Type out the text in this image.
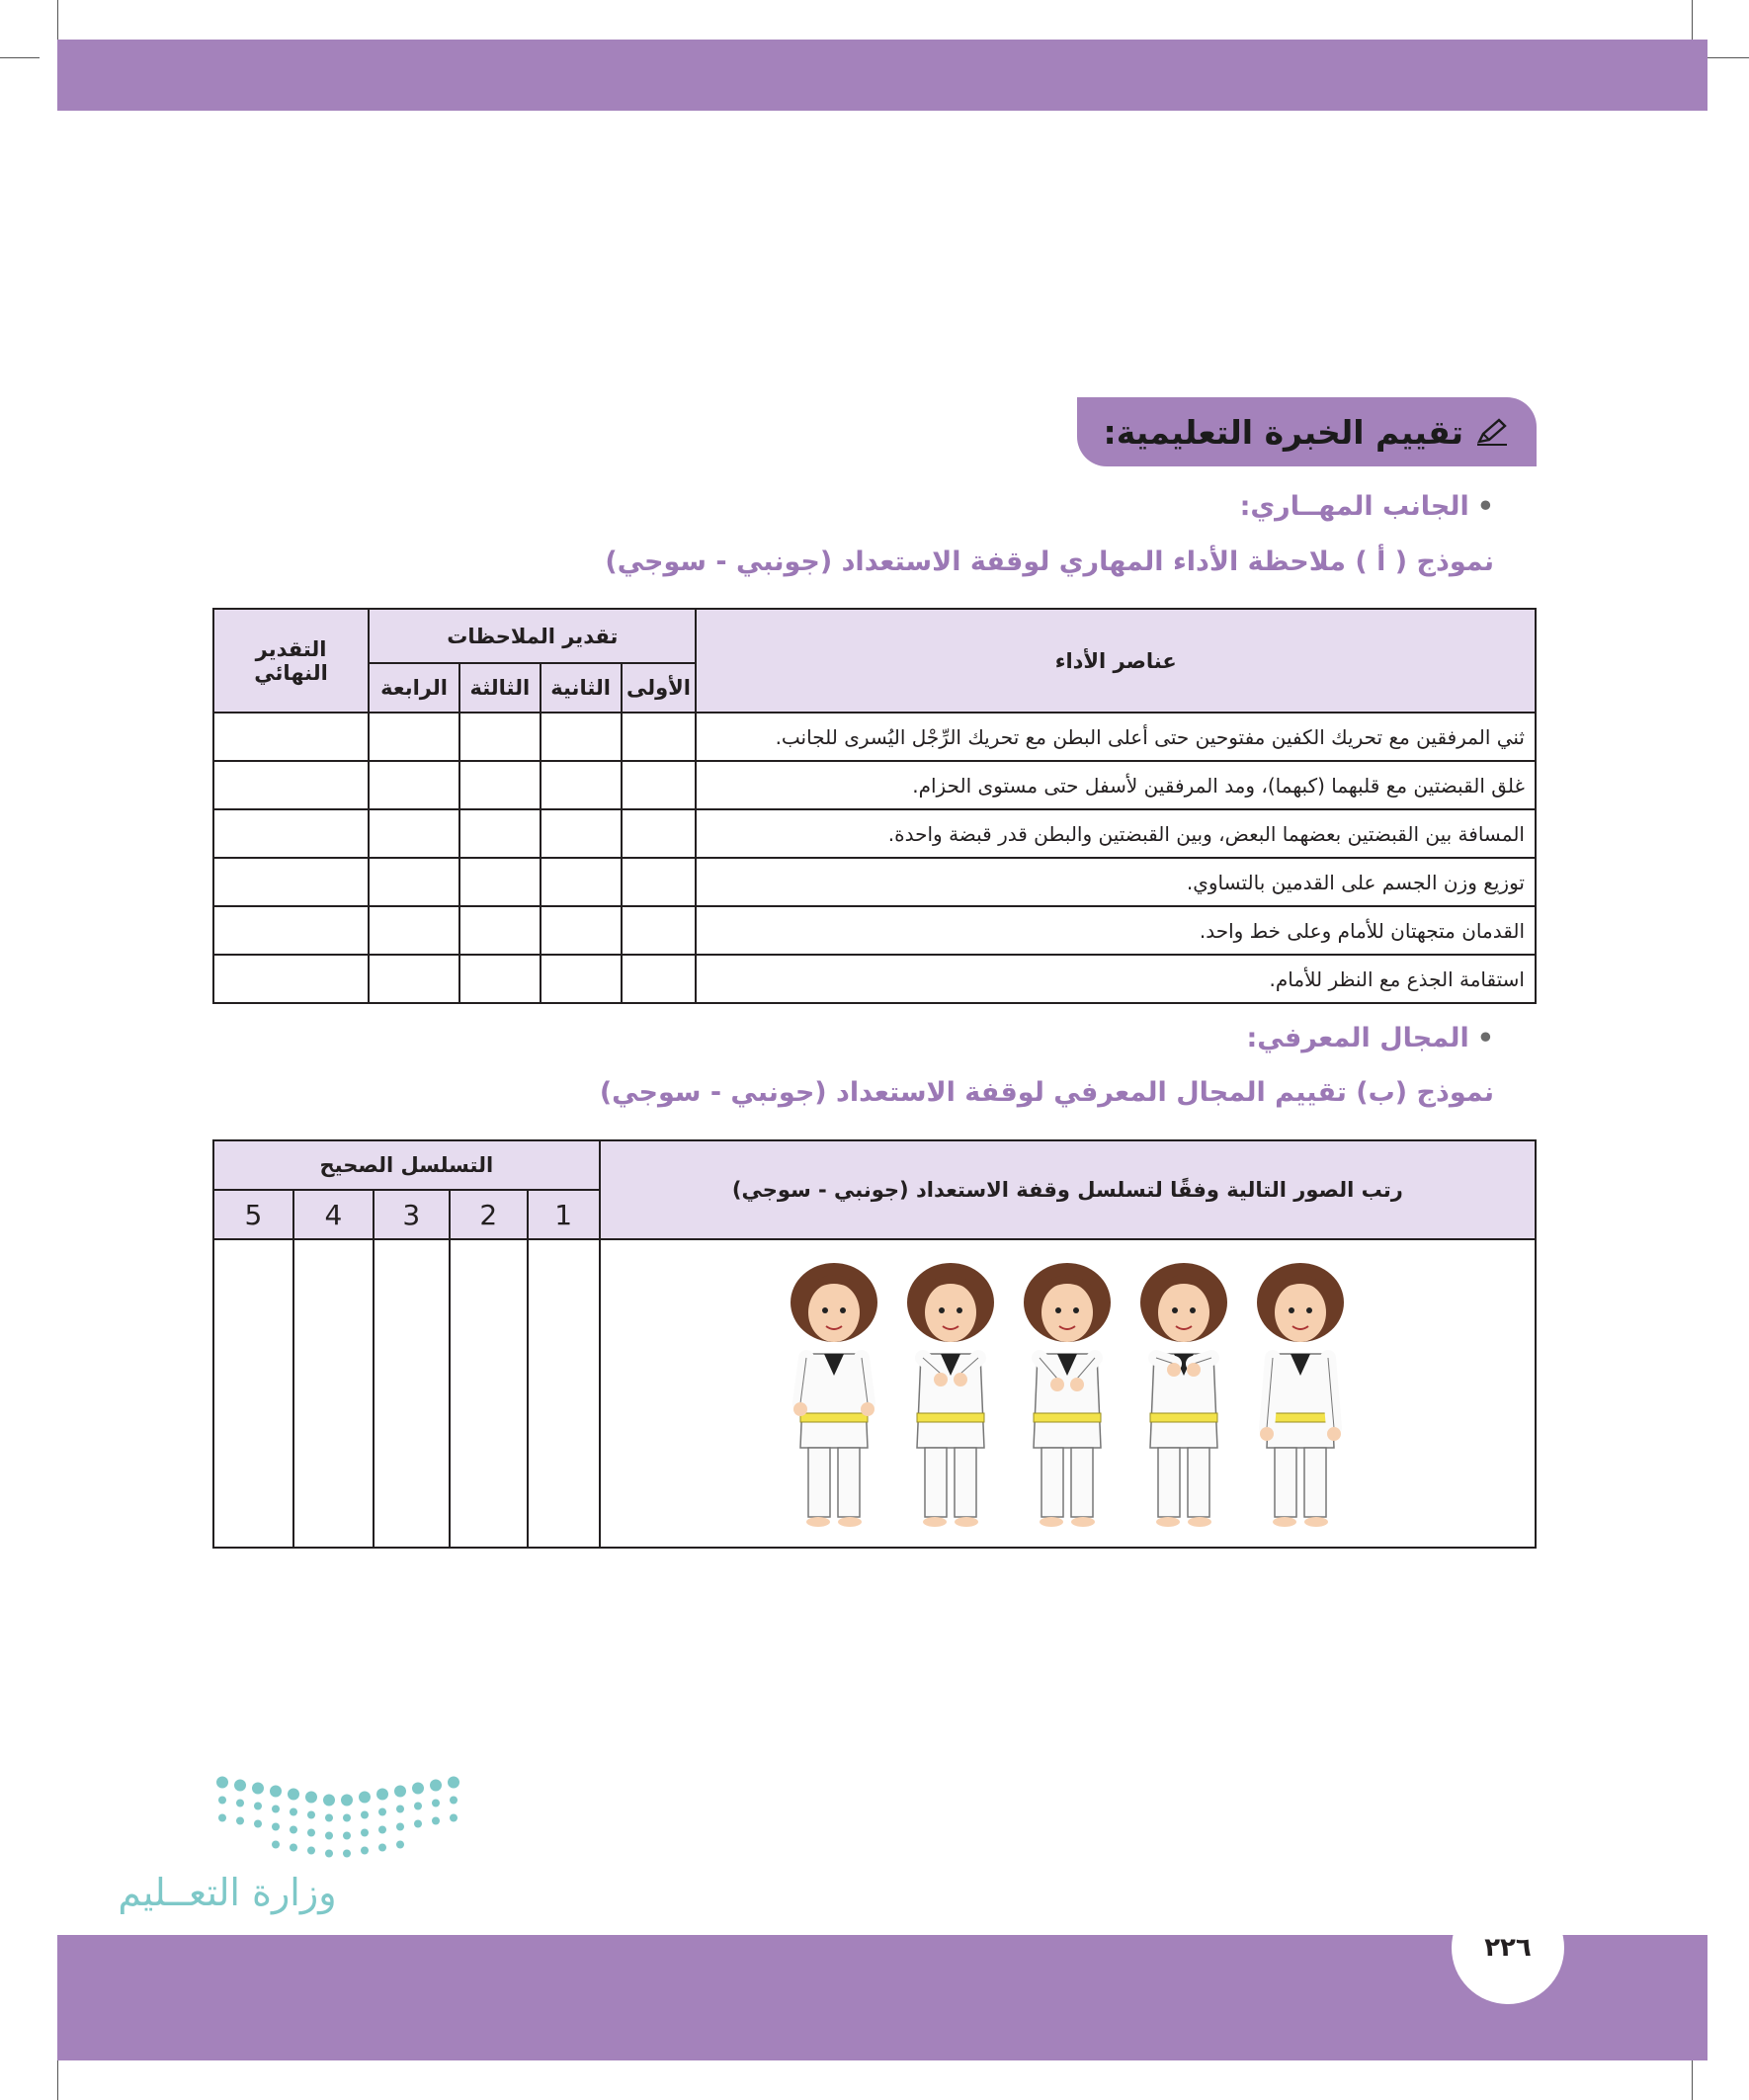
تقييم الخبرة التعليمية:
•الجانب المهــاري:
نموذج ( أ ) ملاحظة الأداء المهاري لوقفة الاستعداد (جونبي - سوجي)
عناصر الأداء	تقدير الملاحظات				التقدير النهائي
	الأولى	الثانية	الثالثة	الرابعة	
ثني المرفقين مع تحريك الكفين مفتوحين حتى أعلى البطن مع تحريك الرِّجْل اليُسرى للجانب.					
غلق القبضتين مع قلبهما (كبهما)، ومد المرفقين لأسفل حتى مستوى الحزام.					
المسافة بين القبضتين بعضهما البعض، وبين القبضتين والبطن قدر قبضة واحدة.					
توزيع وزن الجسم على القدمين بالتساوي.					
القدمان متجهتان للأمام وعلى خط واحد.					
استقامة الجذع مع النظر للأمام.					
•المجال المعرفي:
نموذج (ب) تقييم المجال المعرفي لوقفة الاستعداد (جونبي - سوجي)
رتب الصور التالية وفقًا لتسلسل وقفة الاستعداد (جونبي - سوجي)	التسلسل الصحيح				
	1	2	3	4	5

وزارة التعــليم
٢٢٦
